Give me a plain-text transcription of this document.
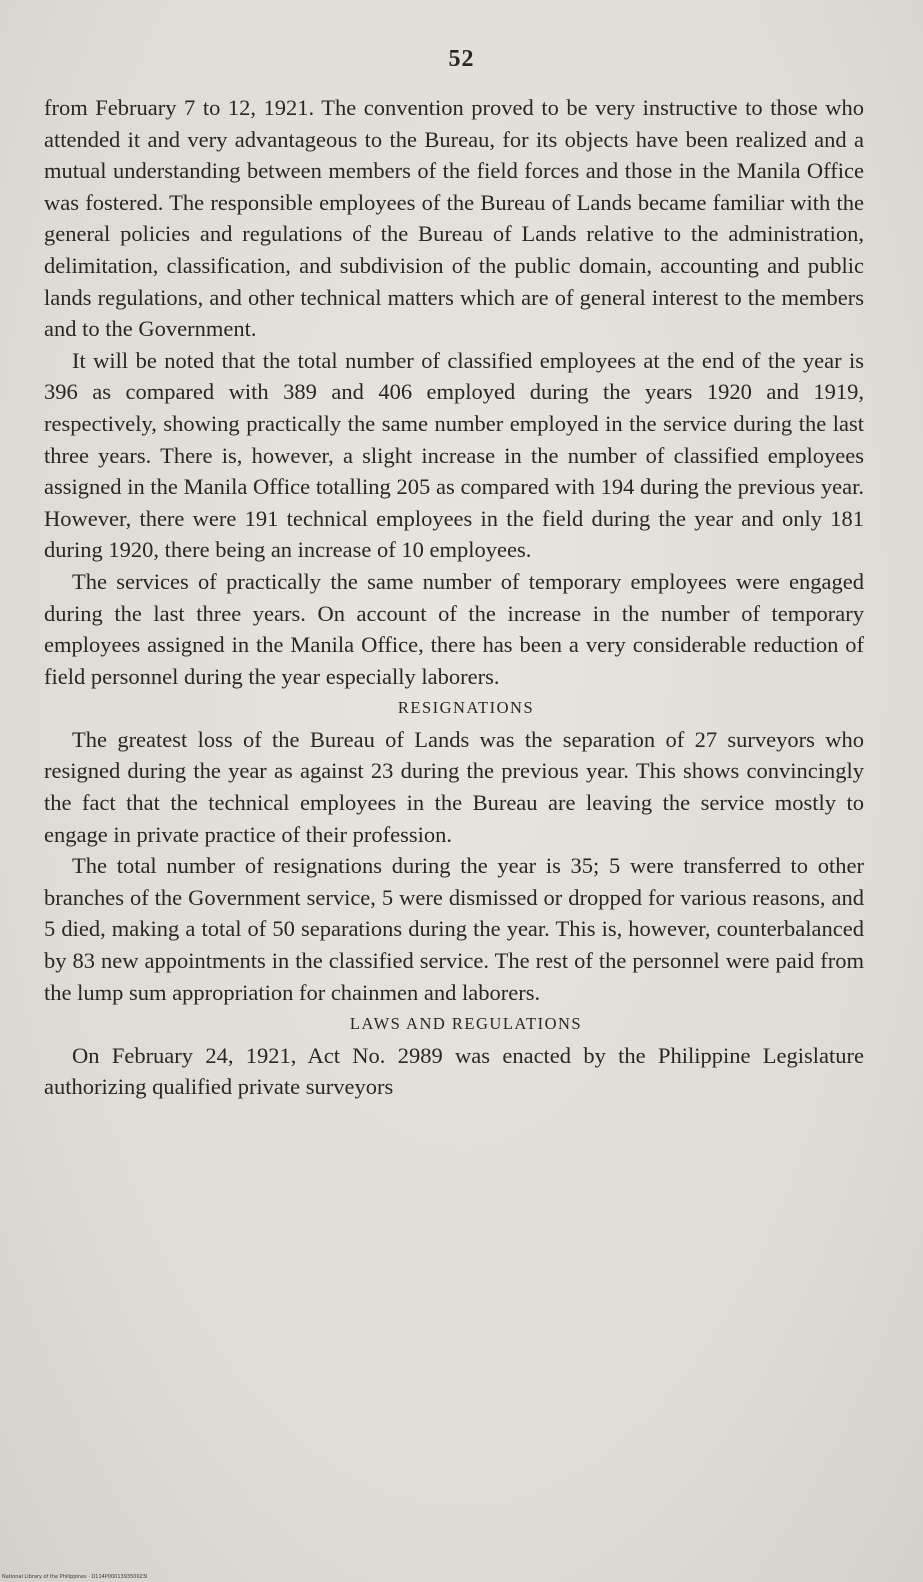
52

from February 7 to 12, 1921. The convention proved to be very instructive to those who attended it and very advantageous to the Bureau, for its objects have been realized and a mutual understanding between members of the field forces and those in the Manila Office was fostered. The responsible employees of the Bureau of Lands became familiar with the general policies and regulations of the Bureau of Lands relative to the administration, delimitation, classification, and subdivision of the public domain, accounting and public lands regulations, and other technical matters which are of general interest to the members and to the Government.

It will be noted that the total number of classified employees at the end of the year is 396 as compared with 389 and 406 employed during the years 1920 and 1919, respectively, showing practically the same number employed in the service during the last three years. There is, however, a slight increase in the number of classified employees assigned in the Manila Office totalling 205 as compared with 194 during the previous year. However, there were 191 technical employees in the field during the year and only 181 during 1920, there being an increase of 10 employees.

The services of practically the same number of temporary employees were engaged during the last three years. On account of the increase in the number of temporary employees assigned in the Manila Office, there has been a very considerable reduction of field personnel during the year especially laborers.

RESIGNATIONS

The greatest loss of the Bureau of Lands was the separation of 27 surveyors who resigned during the year as against 23 during the previous year. This shows convincingly the fact that the technical employees in the Bureau are leaving the service mostly to engage in private practice of their profession.

The total number of resignations during the year is 35; 5 were transferred to other branches of the Government service, 5 were dismissed or dropped for various reasons, and 5 died, making a total of 50 separations during the year. This is, however, counterbalanced by 83 new appointments in the classified service. The rest of the personnel were paid from the lump sum appropriation for chainmen and laborers.

LAWS AND REGULATIONS

On February 24, 1921, Act No. 2989 was enacted by the Philippine Legislature authorizing qualified private surveyors

National Library of the Philippines · D114P000139350023I
